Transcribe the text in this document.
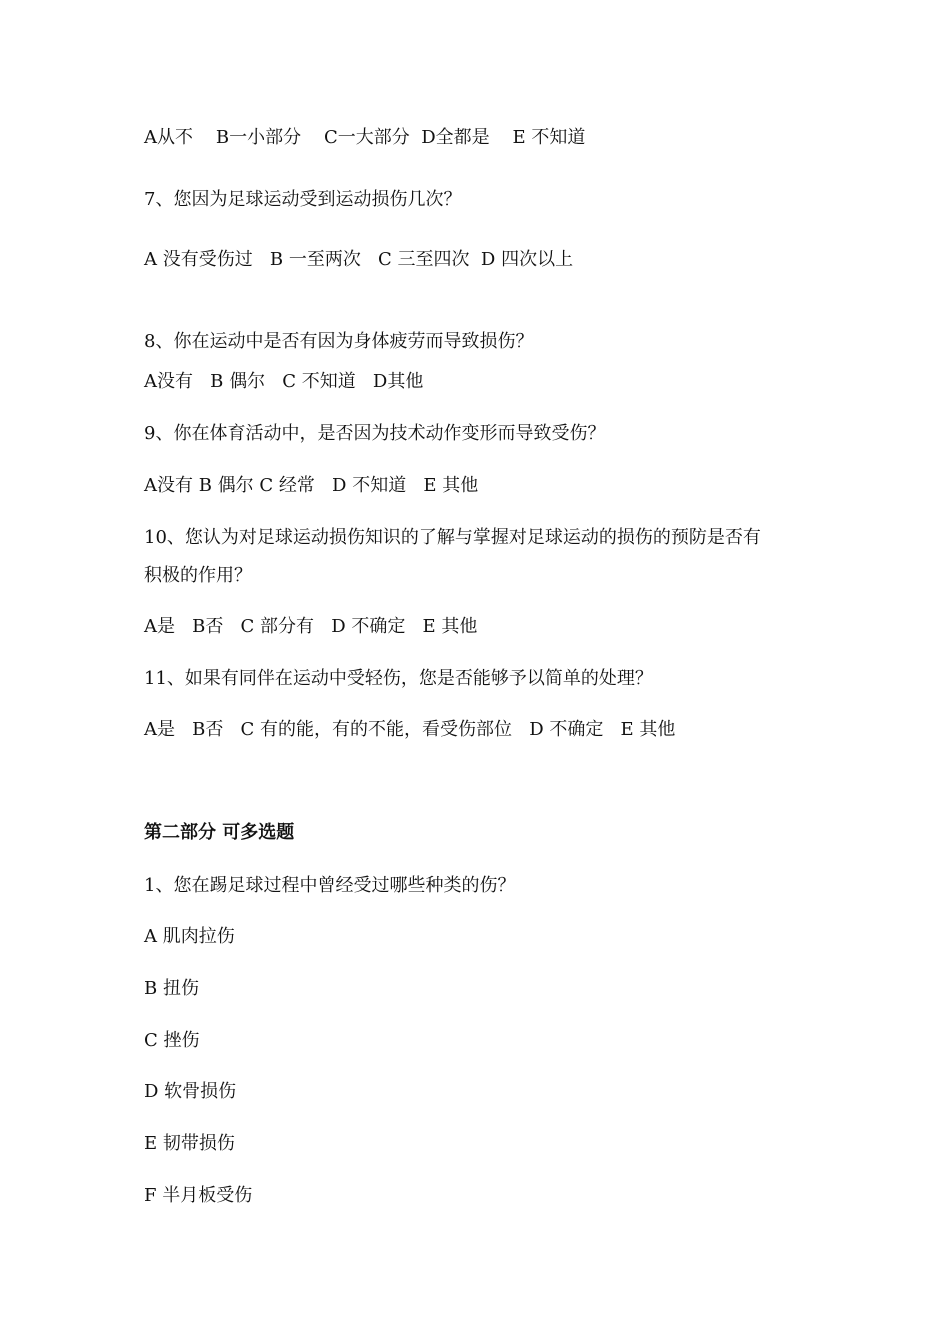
A从不    B一小部分    C一大部分  D全都是    E 不知道
7、您因为足球运动受到运动损伤几次？
A 没有受伤过   B 一至两次   C 三至四次  D 四次以上
8、你在运动中是否有因为身体疲劳而导致损伤？
A没有   B 偶尔   C 不知道   D其他
9、你在体育活动中，是否因为技术动作变形而导致受伤？
A没有 B 偶尔 C 经常   D 不知道   E 其他
10、您认为对足球运动损伤知识的了解与掌握对足球运动的损伤的预防是否有
积极的作用？
A是   B否   C 部分有   D 不确定   E 其他
11、如果有同伴在运动中受轻伤，您是否能够予以简单的处理？
A是   B否   C 有的能，有的不能，看受伤部位   D 不确定   E 其他
第二部分 可多选题
1、您在踢足球过程中曾经受过哪些种类的伤？
A 肌肉拉伤
B 扭伤
C 挫伤
D 软骨损伤
E 韧带损伤
F 半月板受伤
